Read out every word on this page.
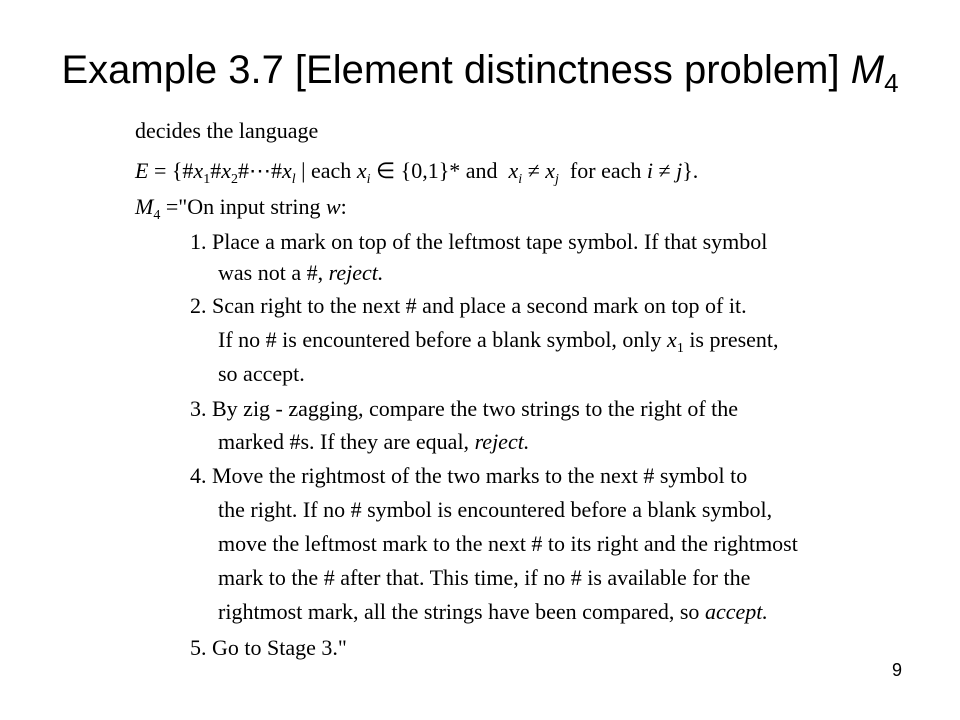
Example 3.7 [Element distinctness problem] $M_4$
decides the language
$E = \{\#x_1\#x_2\#\cdots\#x_l$ | each $x_i$ ∈ {0,1}* and  $x_i \ne x_j$ for each i ≠ j}.
$M_4$ ="On input string w:
1. Place a mark on top of the leftmost tape symbol. If that symbol
was not a #, reject.
2. Scan right to the next # and place a second mark on top of it.
If no # is encountered before a blank symbol, only $x_1$ is present,
so accept.
3. By zig - zagging, compare the two strings to the right of the
marked #s. If they are equal, reject.
4. Move the rightmost of the two marks to the next # symbol to
the right. If no # symbol is encountered before a blank symbol,
move the leftmost mark to the next # to its right and the rightmost
mark to the # after that. This time, if no # is available for the
rightmost mark, all the strings have been compared, so accept.
5. Go to Stage 3."
9
